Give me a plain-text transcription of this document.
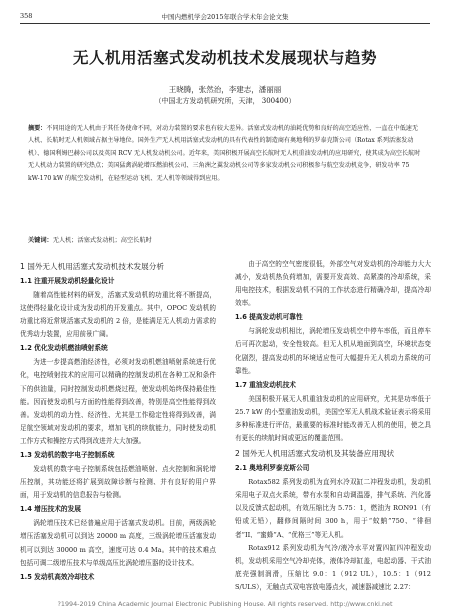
358	中国内燃机学会2015年联合学术年会论文集
无人机用活塞式发动机技术发展现状与趋势
王晓腾，张然治，李建志，潘丽丽
（中国北方发动机研究所，天津， 300400）
摘要：不同用途的无人机由于其任务使命不同，对动力装置的要求也有较大差异。活塞式发动机的油耗优势和良好的高空适应性，一直在中低速无人机、长航时无人机领域占据主导地位。国外生产无人机用活塞式发动机的具有代表性的制造商有奥地利的罗泰克斯公司（Rotax 系列活塞发动机）、德国利姆巴赫公司以及英国 RCV 无人机发动机公司。近年来，美国积极开展高空长航时无人机重油发动机的应用研究，使其成为高空长航时无人机动力装置的研究热点；美国猛禽涡轮增压燃油机公司、三角洲之翼发动机公司等多家发动机公司积极参与航空发动机竞争，研发功率 75 kW-170 kW 的航空发动机，在轻型运动飞机、无人机等领域得到应用。
关键词：无人机；活塞式发动机；高空长航时
1 国外无人机用活塞式发动机技术发展分析
1.1 注重开展发动机轻量化设计

随着高性能材料的研发，活塞式发动机的功重比将不断提高，这使得轻量化设计成为发动机的开发重点。其中，OPOC 发动机的功重比将近常规活塞式发动机的 2 倍，是能满足无人机动力需求的优秀动力装置，应用前景广阔。

1.2 优化发动机燃油喷射系统

为进一步提高燃油经济性，必须对发动机燃油喷射系统进行优化，电控喷射技术的应用可以精确的控制发动机在各种工况和条件下的供油量，同时控制发动机燃烧过程，使发动机始终保持最佳性能。因而使发动机与方面的性能得到改善，特别是高空性能得到改善。发动机的动力性、经济性、尤其是工作稳定性将得到改善，满足航空领域对发动机的要求，增加飞机的续航能力，同时使发动机工作方式和操控方式得到改进并大大加强。

1.3 发动机的数字电子控制系统

发动机的数字电子控制系统包括燃油喷射、点火控制和涡轮增压控制，其功能还将扩展到故障诊断与检测、并有良好的用户界面，用于发动机的信息报告与检测。

1.4 增压技术的发展

涡轮增压技术已经普遍应用于活塞式发动机。目前，两级涡轮增压活塞发动机可以到达 20000 m 高度，三级涡轮增压活塞发动机可以到达 30000 m 高空，速度可达 0.4 Ma。其中的技术难点包括可调二级增压技术与单级高压比涡轮增压器的设计技术。

1.5 发动机高效冷却技术

由于高空的空气密度很低，外部空气对发动机的冷却能力大大减小，发动机热负荷增加，需要开发高效、高紧凑的冷却系统，采用电控技术，根据发动机不同的工作状态进行精确冷却，提高冷却效率。

1.6 提高发动机可靠性

与涡轮发动机相比，涡轮增压发动机空中停车率低，而且停车后可再次起动，安全性较高。但无人机从地面到高空，环境状态变化剧烈，提高发动机的环境适应性可大幅提升无人机动力系统的可靠性。

1.7 重油发动机技术

美国积极开展无人机重油发动机的应用研究，尤其是功率低于 25.7 kW 的小型重油发动机，美国空军无人机战术验证表示将采用多种标准进行评估，最重要的标准时能改善无人机的使用，使之具有更长的续航时间或更远的覆盖范围。

2 国外无人机用活塞式发动机及其装备应用现状
2.1 奥地利罗泰克斯公司

Rotax582 系列发动机为直列水冷双缸二冲程发动机，发动机采用电子双点火系统，带有水泵和自动调温器，排气系统、汽化器以及反馈式起动机，有效压缩比为 5.75：1，燃油为 RON91（有铅或无铅），翻修间隔时间 300 h，用于“蚊蚋”750、“徘徊者”II、“蜜蜂”A、“优格三”等无人机。

Rotax912 系列发动机为气冷/液冷水平对置四缸四冲程发动机，发动机采用空气冷却壳体，液体冷却缸盖，电起动器、干式油底壳强制润滑，压缩比 9.0：1（912 UL），10.5：1（912 S/ULS），无触点式双电容放电器点火，减速器减速比 2.27：

?1994-2019 China Academic Journal Electronic Publishing House. All rights reserved. http://www.cnki.net
